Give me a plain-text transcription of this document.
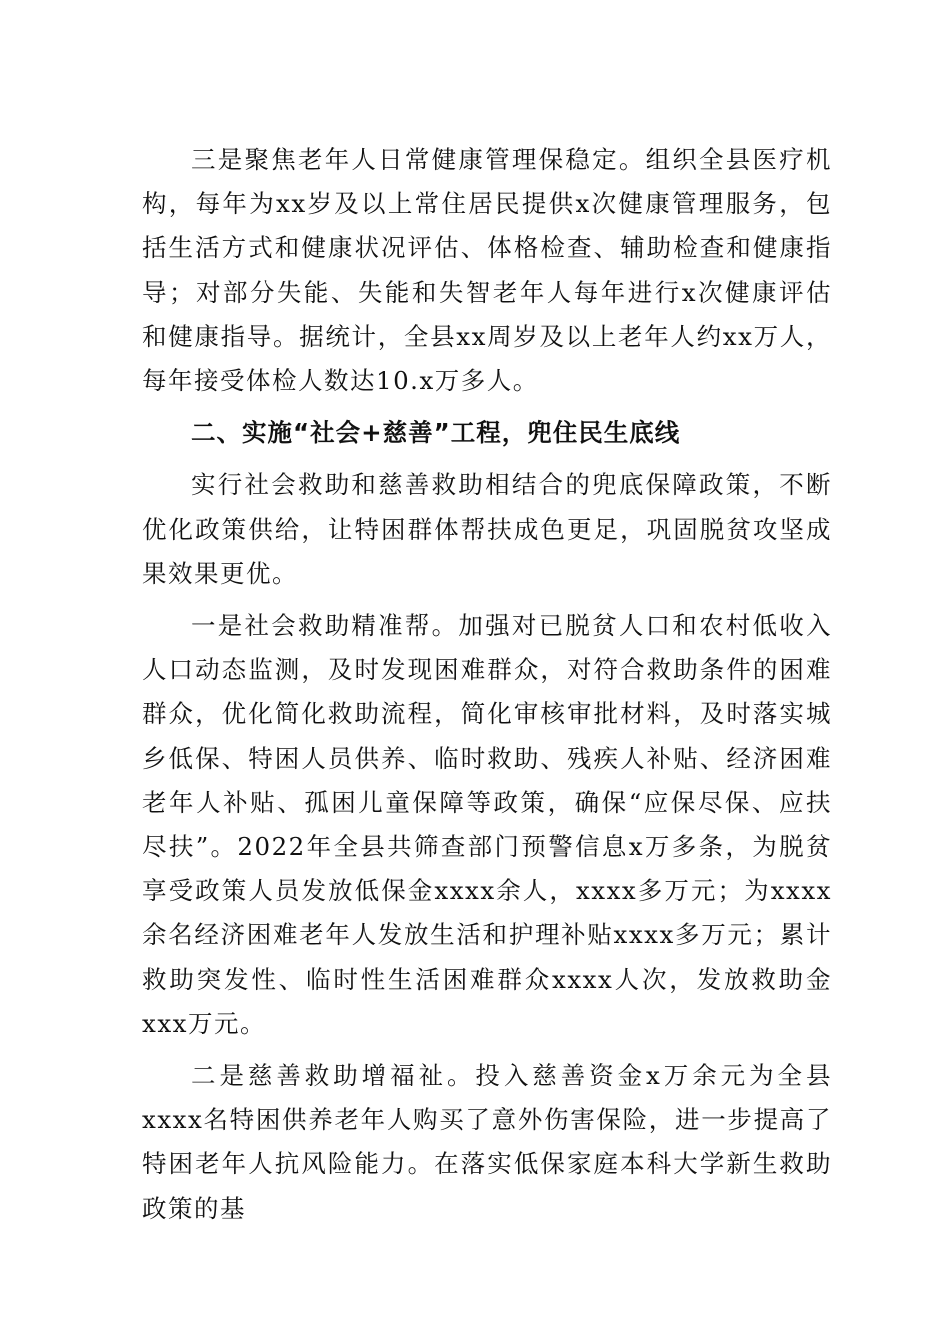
三是聚焦老年人日常健康管理保稳定。组织全县医疗机构，每年为xx岁及以上常住居民提供x次健康管理服务，包括生活方式和健康状况评估、体格检查、辅助检查和健康指导；对部分失能、失能和失智老年人每年进行x次健康评估和健康指导。据统计，全县xx周岁及以上老年人约xx万人，每年接受体检人数达10.x万多人。

二、实施“社会+慈善”工程，兜住民生底线

实行社会救助和慈善救助相结合的兜底保障政策，不断优化政策供给，让特困群体帮扶成色更足，巩固脱贫攻坚成果效果更优。

一是社会救助精准帮。加强对已脱贫人口和农村低收入人口动态监测，及时发现困难群众，对符合救助条件的困难群众，优化简化救助流程，简化审核审批材料，及时落实城乡低保、特困人员供养、临时救助、残疾人补贴、经济困难老年人补贴、孤困儿童保障等政策，确保“应保尽保、应扶尽扶”。2022年全县共筛查部门预警信息x万多条，为脱贫享受政策人员发放低保金xxxx余人，xxxx多万元；为xxxx余名经济困难老年人发放生活和护理补贴xxxx多万元；累计救助突发性、临时性生活困难群众xxxx人次，发放救助金xxx万元。

二是慈善救助增福祉。投入慈善资金x万余元为全县xxxx名特困供养老年人购买了意外伤害保险，进一步提高了特困老年人抗风险能力。在落实低保家庭本科大学新生救助政策的基
